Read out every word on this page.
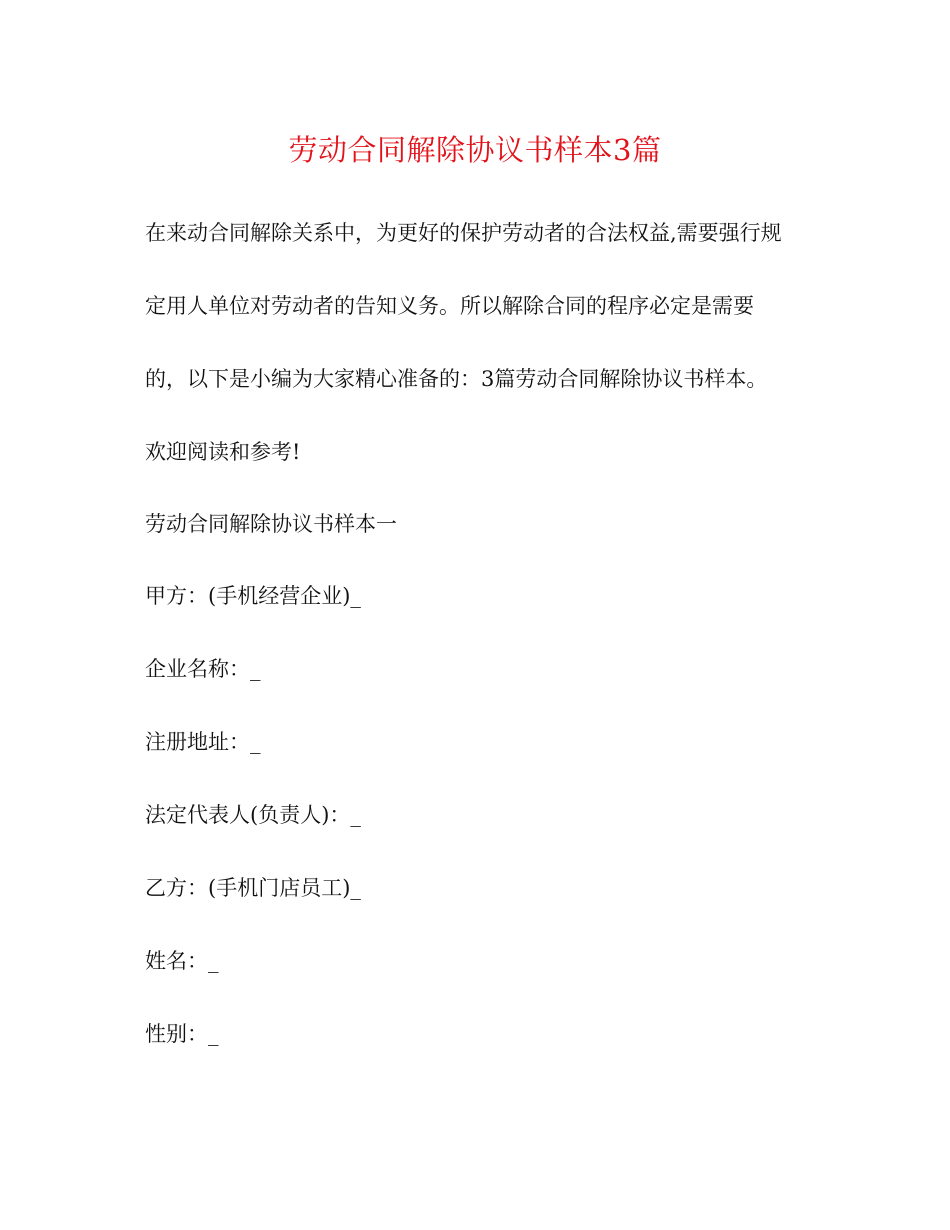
劳动合同解除协议书样本3篇
在来动合同解除关系中，为更好的保护劳动者的合法权益,需要强行规
定用人单位对劳动者的告知义务。所以解除合同的程序必定是需要
的，以下是小编为大家精心准备的：3篇劳动合同解除协议书样本。
欢迎阅读和参考!
劳动合同解除协议书样本一
甲方：(手机经营企业)_
企业名称：_
注册地址：_
法定代表人(负责人)：_
乙方：(手机门店员工)_
姓名：_
性别：_
